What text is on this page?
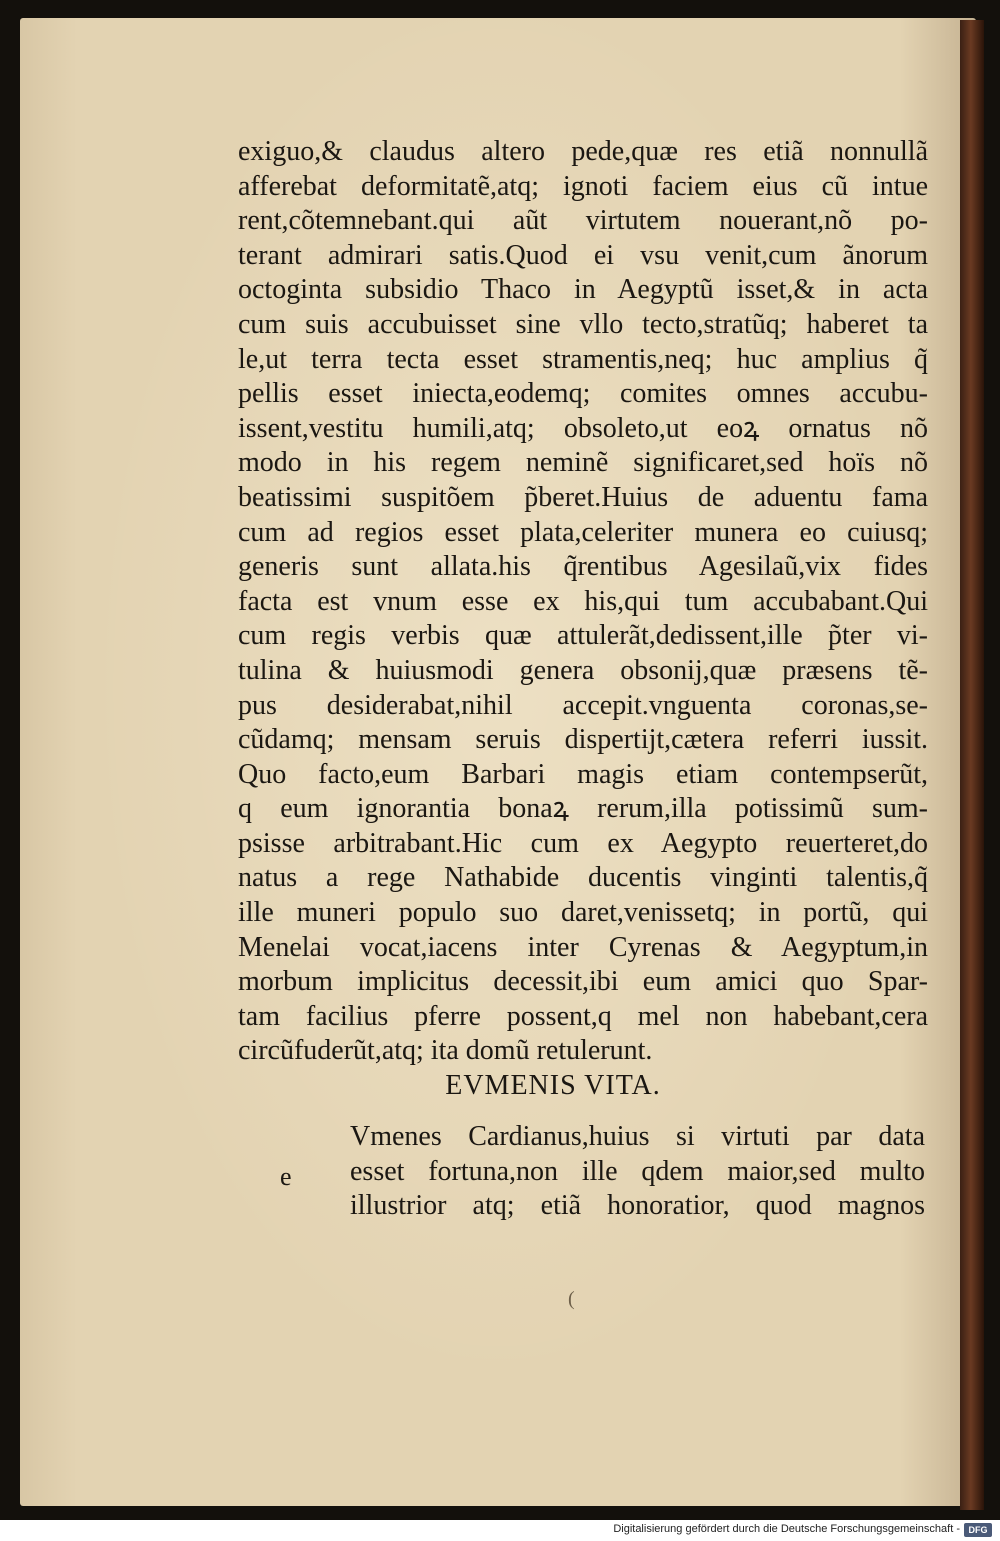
exiguo,& claudus altero pede,quæ res etiã nonnullã
afferebat deformitatẽ,atq; ignoti faciem eius cũ intue
rent,cõtemnebant.qui aũt virtutem nouerant,nõ po-
terant admirari satis.Quod ei vsu venit,cum ãnorum
octoginta subsidio Thaco in Aegyptũ isset,& in acta
cum suis accubuisset sine vllo tecto,stratũq; haberet ta
le,ut terra tecta esset stramentis,neq; huc amplius q̃
pellis esset iniecta,eodemq; comites omnes accubu-
issent,vestitu humili,atq; obsoleto,ut eoꝝ ornatus nõ
modo in his regem neminẽ significaret,sed hoïs nõ
beatissimi suspitõem p̃beret.Huius de aduentu fama
cum ad regios esset plata,celeriter munera eo cuiusq;
generis sunt allata.his q̃rentibus Agesilaũ,vix fides
facta est vnum esse ex his,qui tum accubabant.Qui
cum regis verbis quæ attulerãt,dedissent,ille p̃ter vi-
tulina & huiusmodi genera obsonij,quæ præsens tẽ-
pus desiderabat,nihil accepit.vnguenta coronas,se-
cũdamq; mensam seruis dispertijt,cætera referri iussit.
Quo facto,eum Barbari magis etiam contempserũt,
q eum ignorantia bonaꝝ rerum,illa potissimũ sum-
psisse arbitrabant.Hic cum ex Aegypto reuerteret,do
natus a rege Nathabide ducentis vinginti talentis,q̃
ille muneri populo suo daret,venissetq; in portũ, qui
Menelai vocat,iacens inter Cyrenas & Aegyptum,in
morbum implicitus decessit,ibi eum amici quo Spar-
tam facilius pferre possent,q mel non habebant,cera
circũfuderũt,atq; ita domũ retulerunt.
EVMENIS VITA.
e
Vmenes Cardianus,huius si virtuti par data
esset fortuna,non ille qdem maior,sed multo
illustrior atq; etiã honoratior, quod magnos
(
Digitalisierung gefördert durch die Deutsche Forschungsgemeinschaft - DFG
